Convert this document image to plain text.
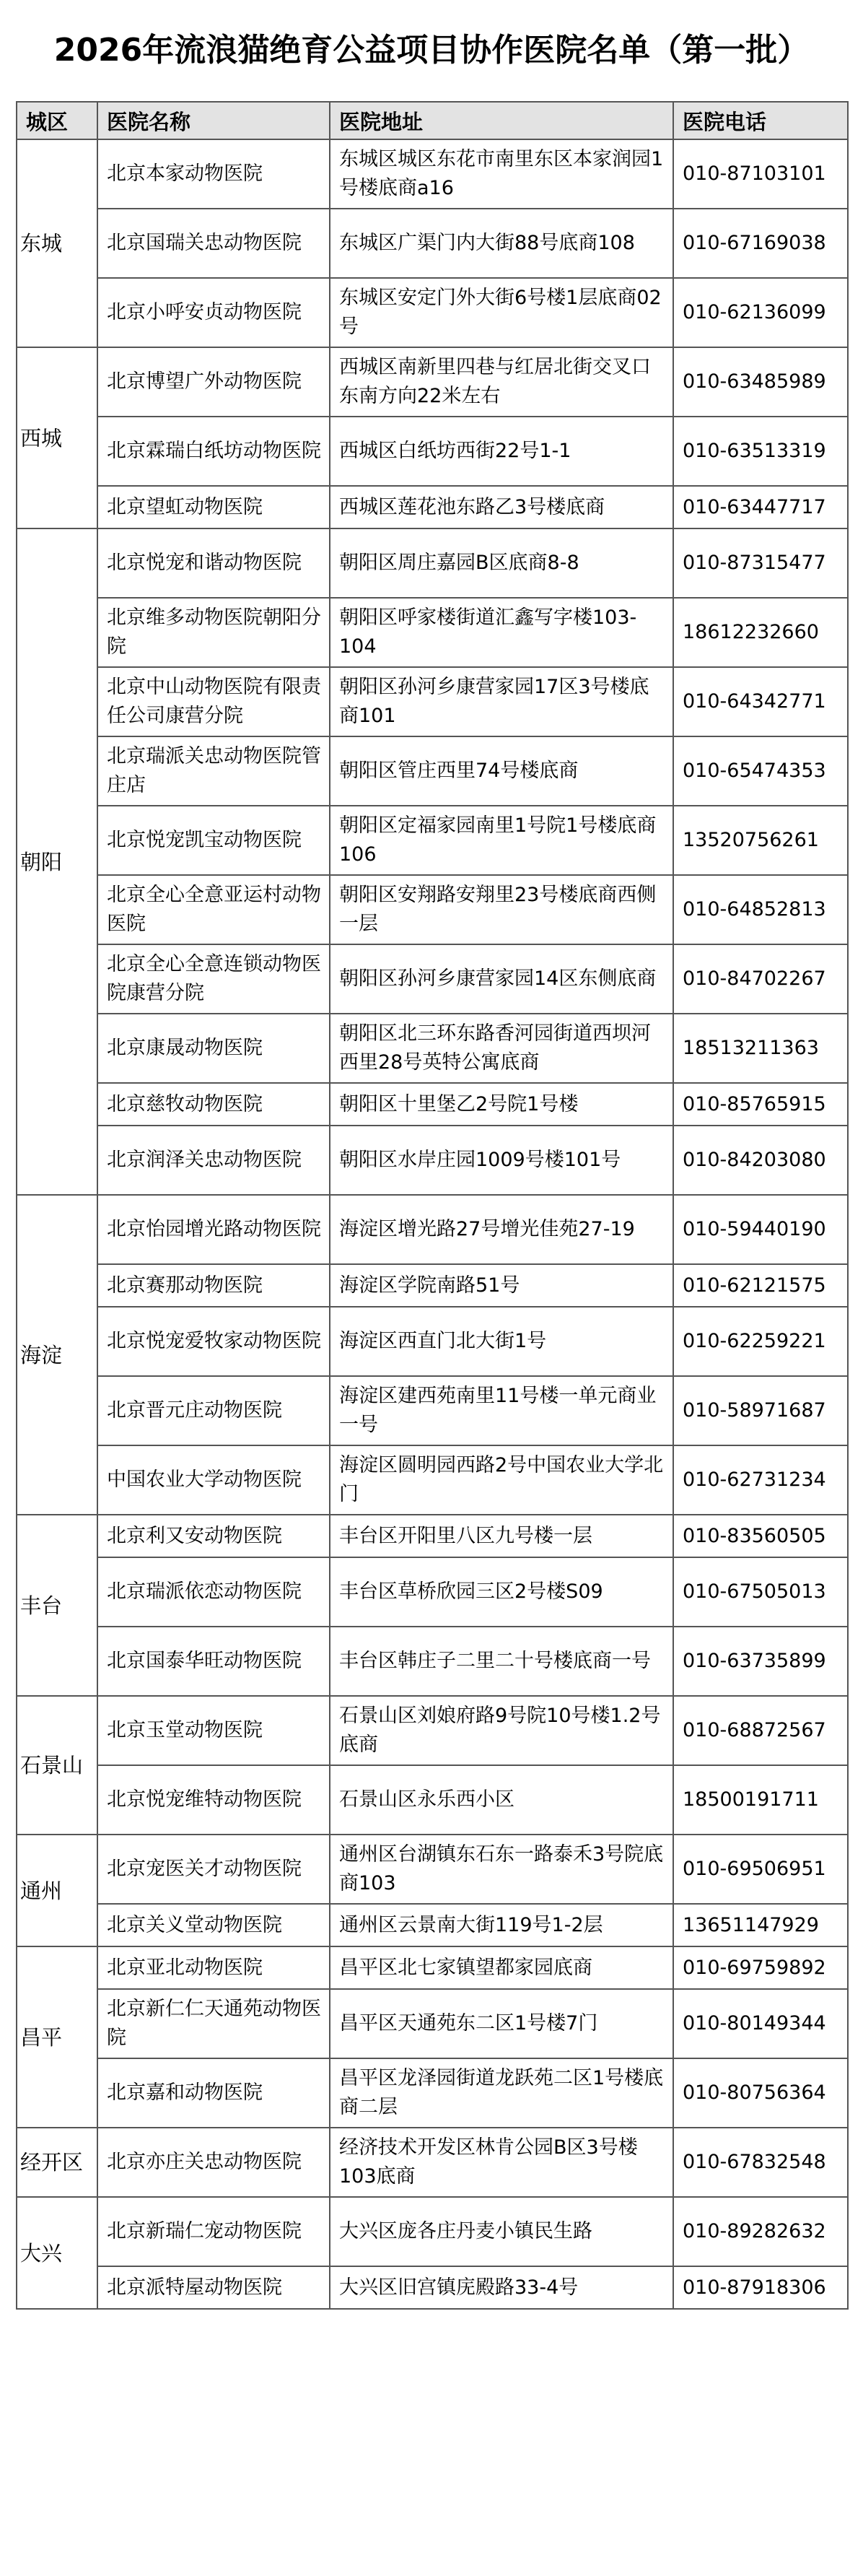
2026年流浪猫绝育公益项目协作医院名单（第一批）
城区	医院名称	医院地址	医院电话
东城	北京本家动物医院	东城区城区东花市南里东区本家润园1号楼底商a16	010-87103101
	北京国瑞关忠动物医院	东城区广渠门内大街88号底商108	010-67169038
	北京小呼安贞动物医院	东城区安定门外大街6号楼1层底商02号	010-62136099
西城	北京博望广外动物医院	西城区南新里四巷与红居北街交叉口东南方向22米左右	010-63485989
	北京霖瑞白纸坊动物医院	西城区白纸坊西街22号1-1	010-63513319
	北京望虹动物医院	西城区莲花池东路乙3号楼底商	010-63447717
朝阳	北京悦宠和谐动物医院	朝阳区周庄嘉园B区底商8-8	010-87315477
	北京维多动物医院朝阳分院	朝阳区呼家楼街道汇鑫写字楼103-104	18612232660
	北京中山动物医院有限责任公司康营分院	朝阳区孙河乡康营家园17区3号楼底商101	010-64342771
	北京瑞派关忠动物医院管庄店	朝阳区管庄西里74号楼底商	010-65474353
	北京悦宠凯宝动物医院	朝阳区定福家园南里1号院1号楼底商106	13520756261
	北京全心全意亚运村动物医院	朝阳区安翔路安翔里23号楼底商西侧一层	010-64852813
	北京全心全意连锁动物医院康营分院	朝阳区孙河乡康营家园14区东侧底商	010-84702267
	北京康晟动物医院	朝阳区北三环东路香河园街道西坝河西里28号英特公寓底商	18513211363
	北京慈牧动物医院	朝阳区十里堡乙2号院1号楼	010-85765915
	北京润泽关忠动物医院	朝阳区水岸庄园1009号楼101号	010-84203080
海淀	北京怡园增光路动物医院	海淀区增光路27号增光佳苑27-19	010-59440190
	北京赛那动物医院	海淀区学院南路51号	010-62121575
	北京悦宠爱牧家动物医院	海淀区西直门北大街1号	010-62259221
	北京晋元庄动物医院	海淀区建西苑南里11号楼一单元商业一号	010-58971687
	中国农业大学动物医院	海淀区圆明园西路2号中国农业大学北门	010-62731234
丰台	北京利又安动物医院	丰台区开阳里八区九号楼一层	010-83560505
	北京瑞派依恋动物医院	丰台区草桥欣园三区2号楼S09	010-67505013
	北京国泰华旺动物医院	丰台区韩庄子二里二十号楼底商一号	010-63735899
石景山	北京玉堂动物医院	石景山区刘娘府路9号院10号楼1.2号底商	010-68872567
	北京悦宠维特动物医院	石景山区永乐西小区	18500191711
通州	北京宠医关才动物医院	通州区台湖镇东石东一路泰禾3号院底商103	010-69506951
	北京关义堂动物医院	通州区云景南大街119号1-2层	13651147929
昌平	北京亚北动物医院	昌平区北七家镇望都家园底商	010-69759892
	北京新仁仁天通苑动物医院	昌平区天通苑东二区1号楼7门	010-80149344
	北京嘉和动物医院	昌平区龙泽园街道龙跃苑二区1号楼底商二层	010-80756364
经开区	北京亦庄关忠动物医院	经济技术开发区林肯公园B区3号楼103底商	010-67832548
大兴	北京新瑞仁宠动物医院	大兴区庞各庄丹麦小镇民生路	010-89282632
	北京派特屋动物医院	大兴区旧宫镇庑殿路33-4号	010-87918306
